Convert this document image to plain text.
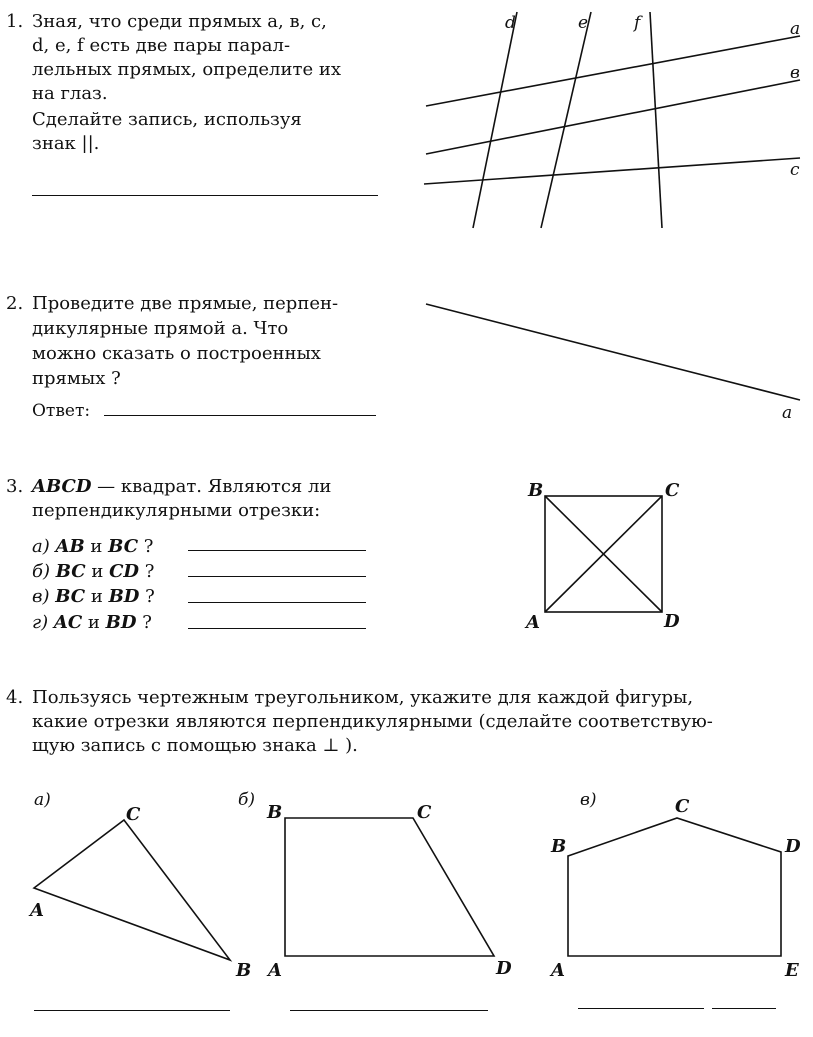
1. Зная, что среди прямых а, в, с,
d, e, f есть две пары парал-
лельных прямых, определите их
на глаз.
Сделайте запись, используя
знак ||.
d	e	f	a
в
c
a
B	C
A	D
а)
C
A
B
б)
B	C
A	D
в)	C
B	D
A	E
2. Проведите две прямые, перпен-
дикулярные прямой а. Что
можно сказать о построенных
прямых ?
Ответ:
3. ABCD — квадрат. Являются ли
перпендикулярными отрезки:
а) AB и BC ?
б) BC и CD ?
в) BC и BD ?
г) AC и BD ?
4. Пользуясь чертежным треугольником, укажите для каждой фигуры,
какие отрезки являются перпендикулярными (сделайте соответствую-
щую запись с помощью знака ⊥ ).
